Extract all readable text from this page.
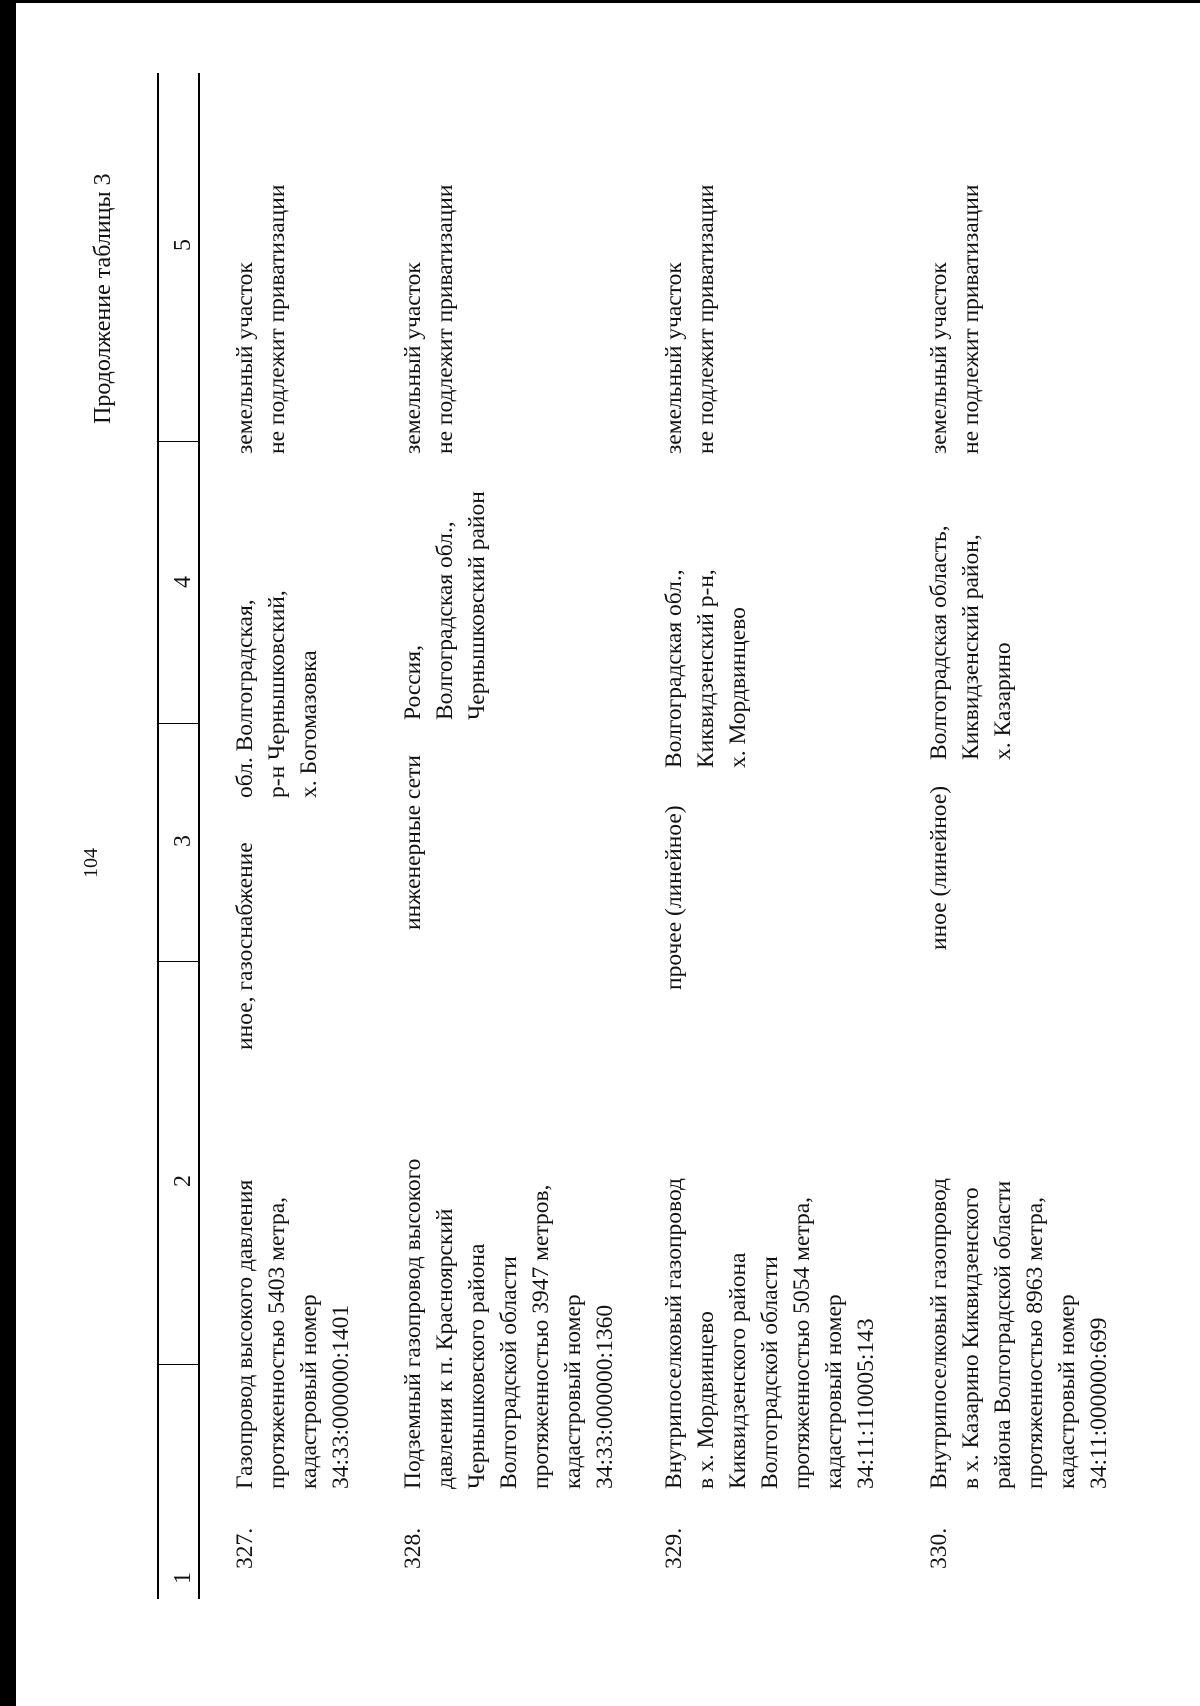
104
Продолжение таблицы 3
1
2
3
4
5
327.
Газопровод высокого давления протяженностью 5403 метра, кадастровый номер 34:33:000000:1401
иное, газоснабжение
обл. Волгоградская, р-н Чернышковский, х. Богомазовка
земельный участок не подлежит приватизации
328.
Подземный газопровод высокого давления к п. Красноярский Чернышковского района Волгоградской области протяженностью 3947 метров, кадастровый номер 34:33:000000:1360
инженерные сети
Россия, Волгоградская обл., Чернышковский район
земельный участок не подлежит приватизации
329.
Внутрипоселковый газопровод в х. Мордвинцево Киквидзенского района Волгоградской области протяженностью 5054 метра, кадастровый номер 34:11:110005:143
прочее (линейное)
Волгоградская обл., Киквидзенский р-н, х. Мордвинцево
земельный участок не подлежит приватизации
330.
Внутрипоселковый газопровод в х. Казарино Киквидзенского района Волгоградской области протяженностью 8963 метра, кадастровый номер 34:11:000000:699
иное (линейное)
Волгоградская область, Киквидзенский район, х. Казарино
земельный участок не подлежит приватизации
